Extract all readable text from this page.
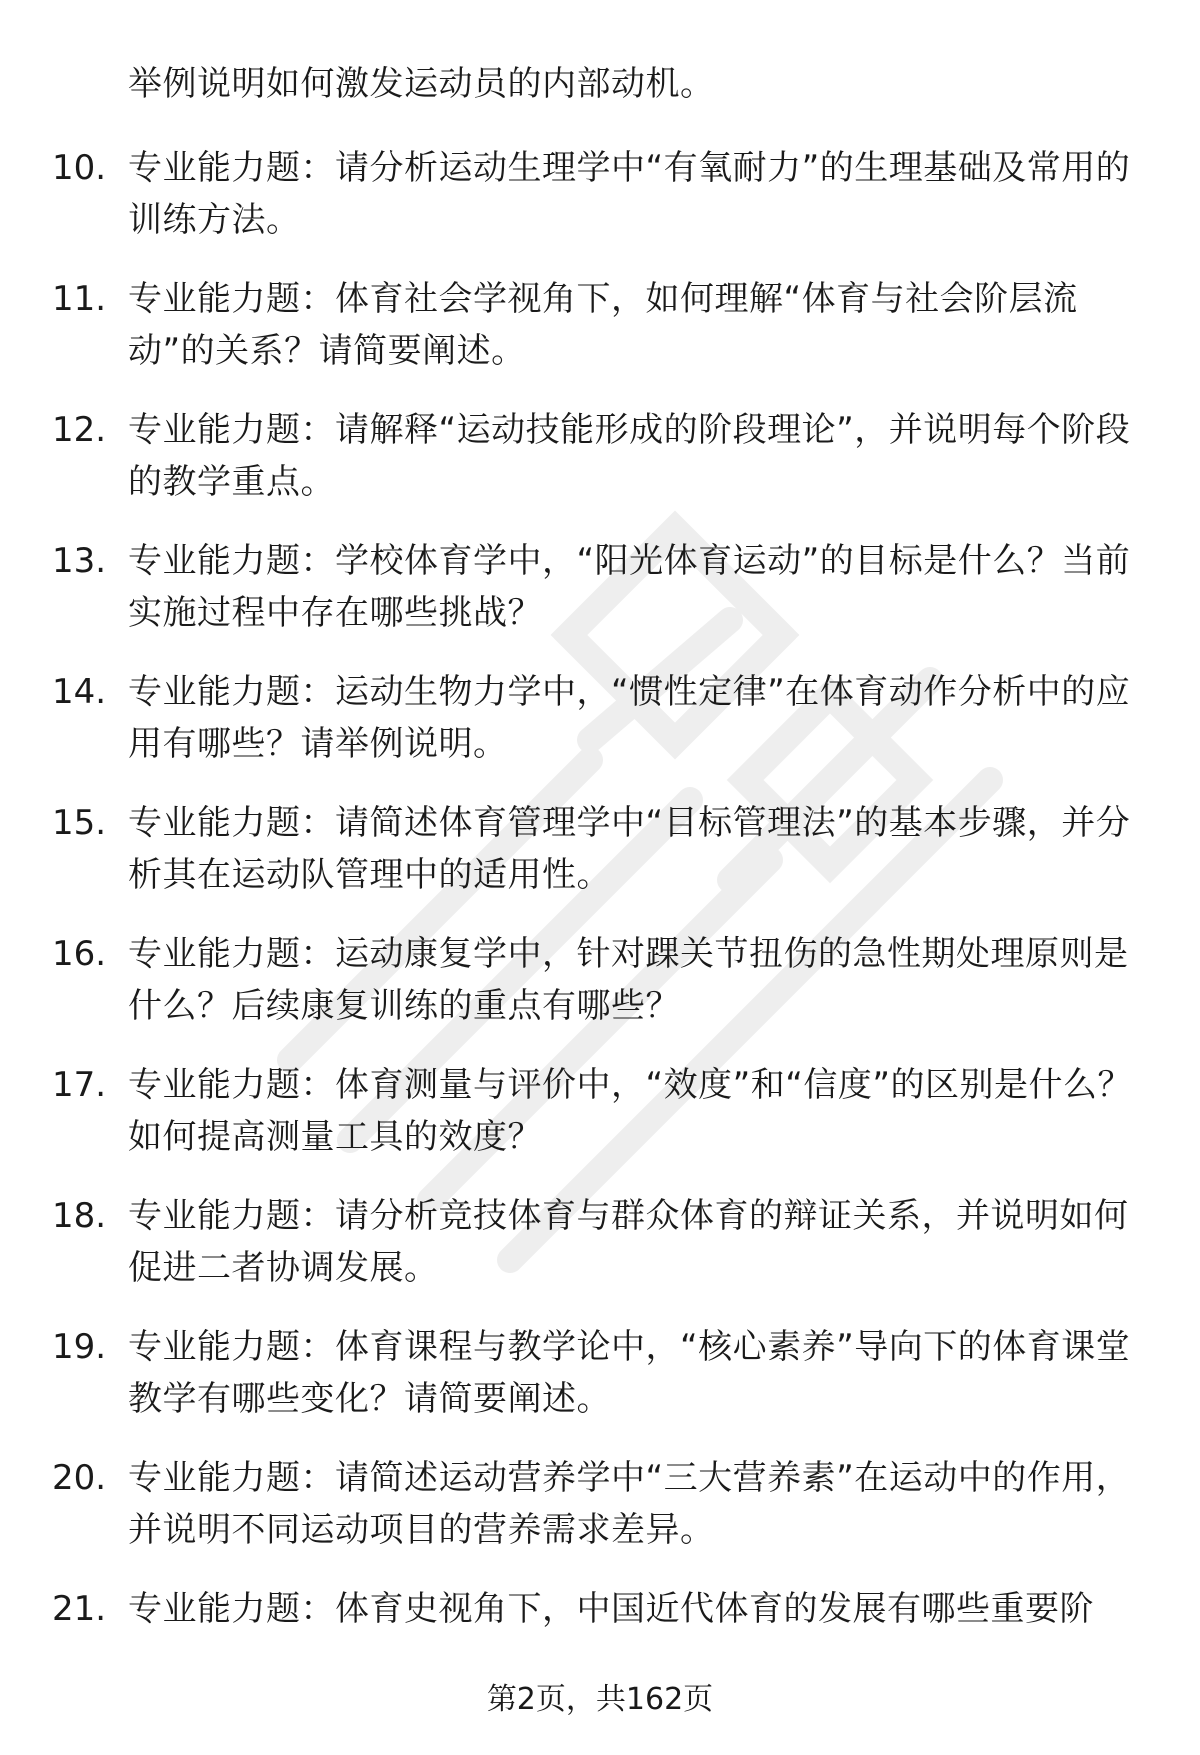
举例说明如何激发运动员的内部动机。
10. 专业能力题：请分析运动生理学中“有氧耐力”的生理基础及常用的训练方法。
11. 专业能力题：体育社会学视角下，如何理解“体育与社会阶层流动”的关系？请简要阐述。
12. 专业能力题：请解释“运动技能形成的阶段理论”，并说明每个阶段的教学重点。
13. 专业能力题：学校体育学中，“阳光体育运动”的目标是什么？当前实施过程中存在哪些挑战？
14. 专业能力题：运动生物力学中，“惯性定律”在体育动作分析中的应用有哪些？请举例说明。
15. 专业能力题：请简述体育管理学中“目标管理法”的基本步骤，并分析其在运动队管理中的适用性。
16. 专业能力题：运动康复学中，针对踝关节扭伤的急性期处理原则是什么？后续康复训练的重点有哪些？
17. 专业能力题：体育测量与评价中，“效度”和“信度”的区别是什么？如何提高测量工具的效度？
18. 专业能力题：请分析竞技体育与群众体育的辩证关系，并说明如何促进二者协调发展。
19. 专业能力题：体育课程与教学论中，“核心素养”导向下的体育课堂教学有哪些变化？请简要阐述。
20. 专业能力题：请简述运动营养学中“三大营养素”在运动中的作用，并说明不同运动项目的营养需求差异。
21. 专业能力题：体育史视角下，中国近代体育的发展有哪些重要阶
第2页，共162页
